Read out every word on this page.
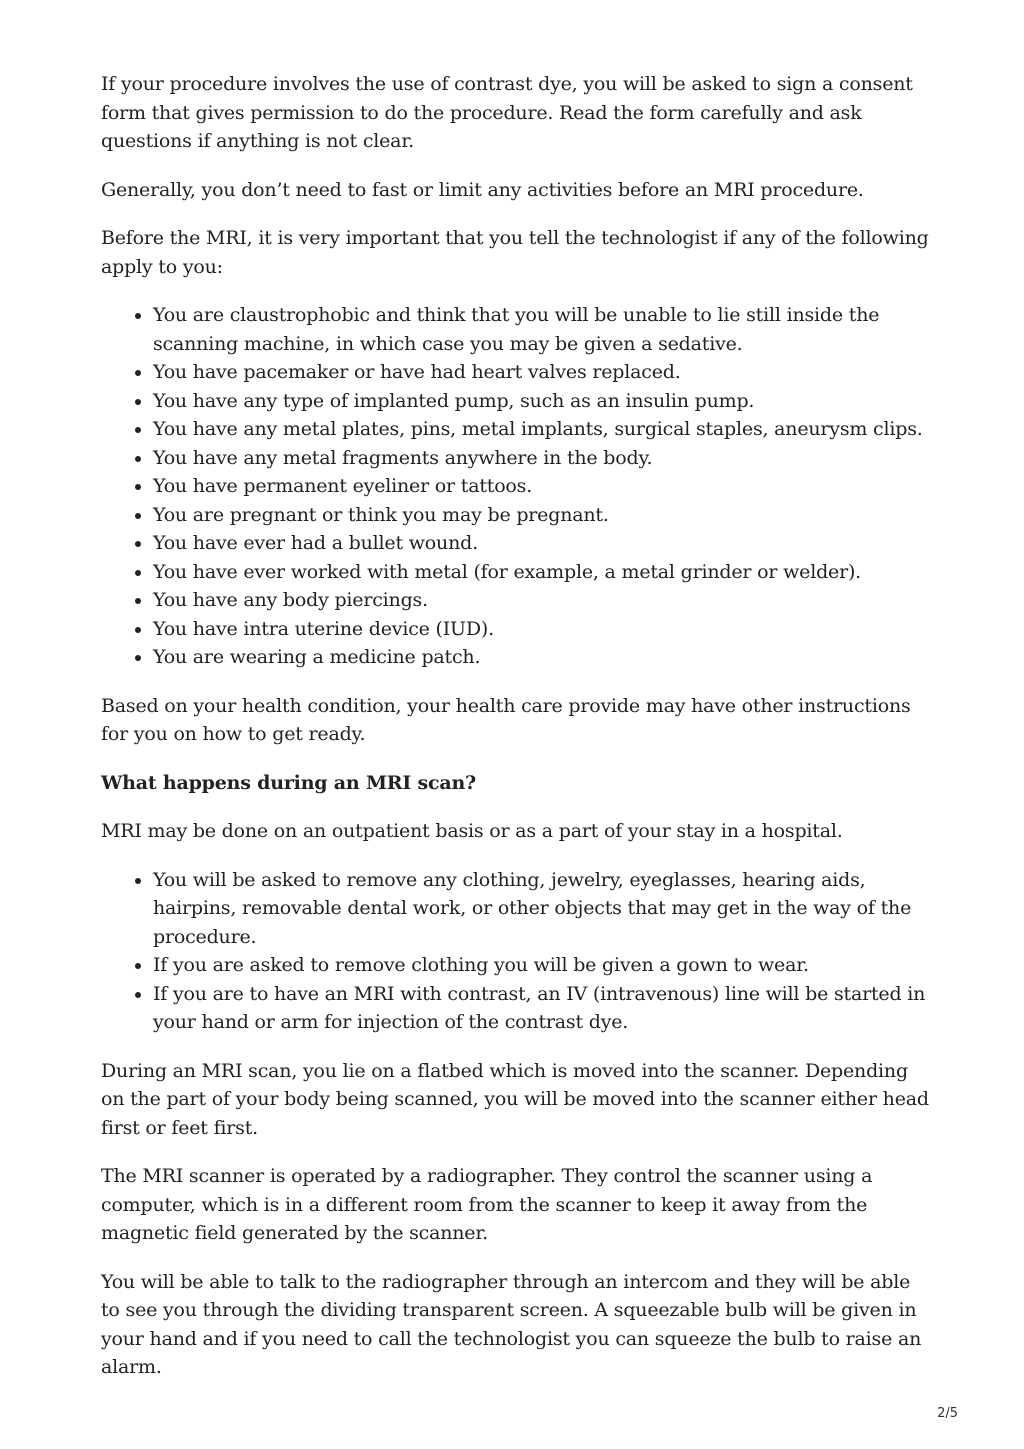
If your procedure involves the use of contrast dye, you will be asked to sign a consent form that gives permission to do the procedure. Read the form carefully and ask questions if anything is not clear.

Generally, you don’t need to fast or limit any activities before an MRI procedure.

Before the MRI, it is very important that you tell the technologist if any of the following apply to you:

• You are claustrophobic and think that you will be unable to lie still inside the scanning machine, in which case you may be given a sedative.
• You have pacemaker or have had heart valves replaced.
• You have any type of implanted pump, such as an insulin pump.
• You have any metal plates, pins, metal implants, surgical staples, aneurysm clips.
• You have any metal fragments anywhere in the body.
• You have permanent eyeliner or tattoos.
• You are pregnant or think you may be pregnant.
• You have ever had a bullet wound.
• You have ever worked with metal (for example, a metal grinder or welder).
• You have any body piercings.
• You have intra uterine device (IUD).
• You are wearing a medicine patch.

Based on your health condition, your health care provide may have other instructions for you on how to get ready.

What happens during an MRI scan?

MRI may be done on an outpatient basis or as a part of your stay in a hospital.

• You will be asked to remove any clothing, jewelry, eyeglasses, hearing aids, hairpins, removable dental work, or other objects that may get in the way of the procedure.
• If you are asked to remove clothing you will be given a gown to wear.
• If you are to have an MRI with contrast, an IV (intravenous) line will be started in your hand or arm for injection of the contrast dye.

During an MRI scan, you lie on a flatbed which is moved into the scanner. Depending on the part of your body being scanned, you will be moved into the scanner either head first or feet first.

The MRI scanner is operated by a radiographer. They control the scanner using a computer, which is in a different room from the scanner to keep it away from the magnetic field generated by the scanner.

You will be able to talk to the radiographer through an intercom and they will be able to see you through the dividing transparent screen. A squeezable bulb will be given in your hand and if you need to call the technologist you can squeeze the bulb to raise an alarm.

2/5
